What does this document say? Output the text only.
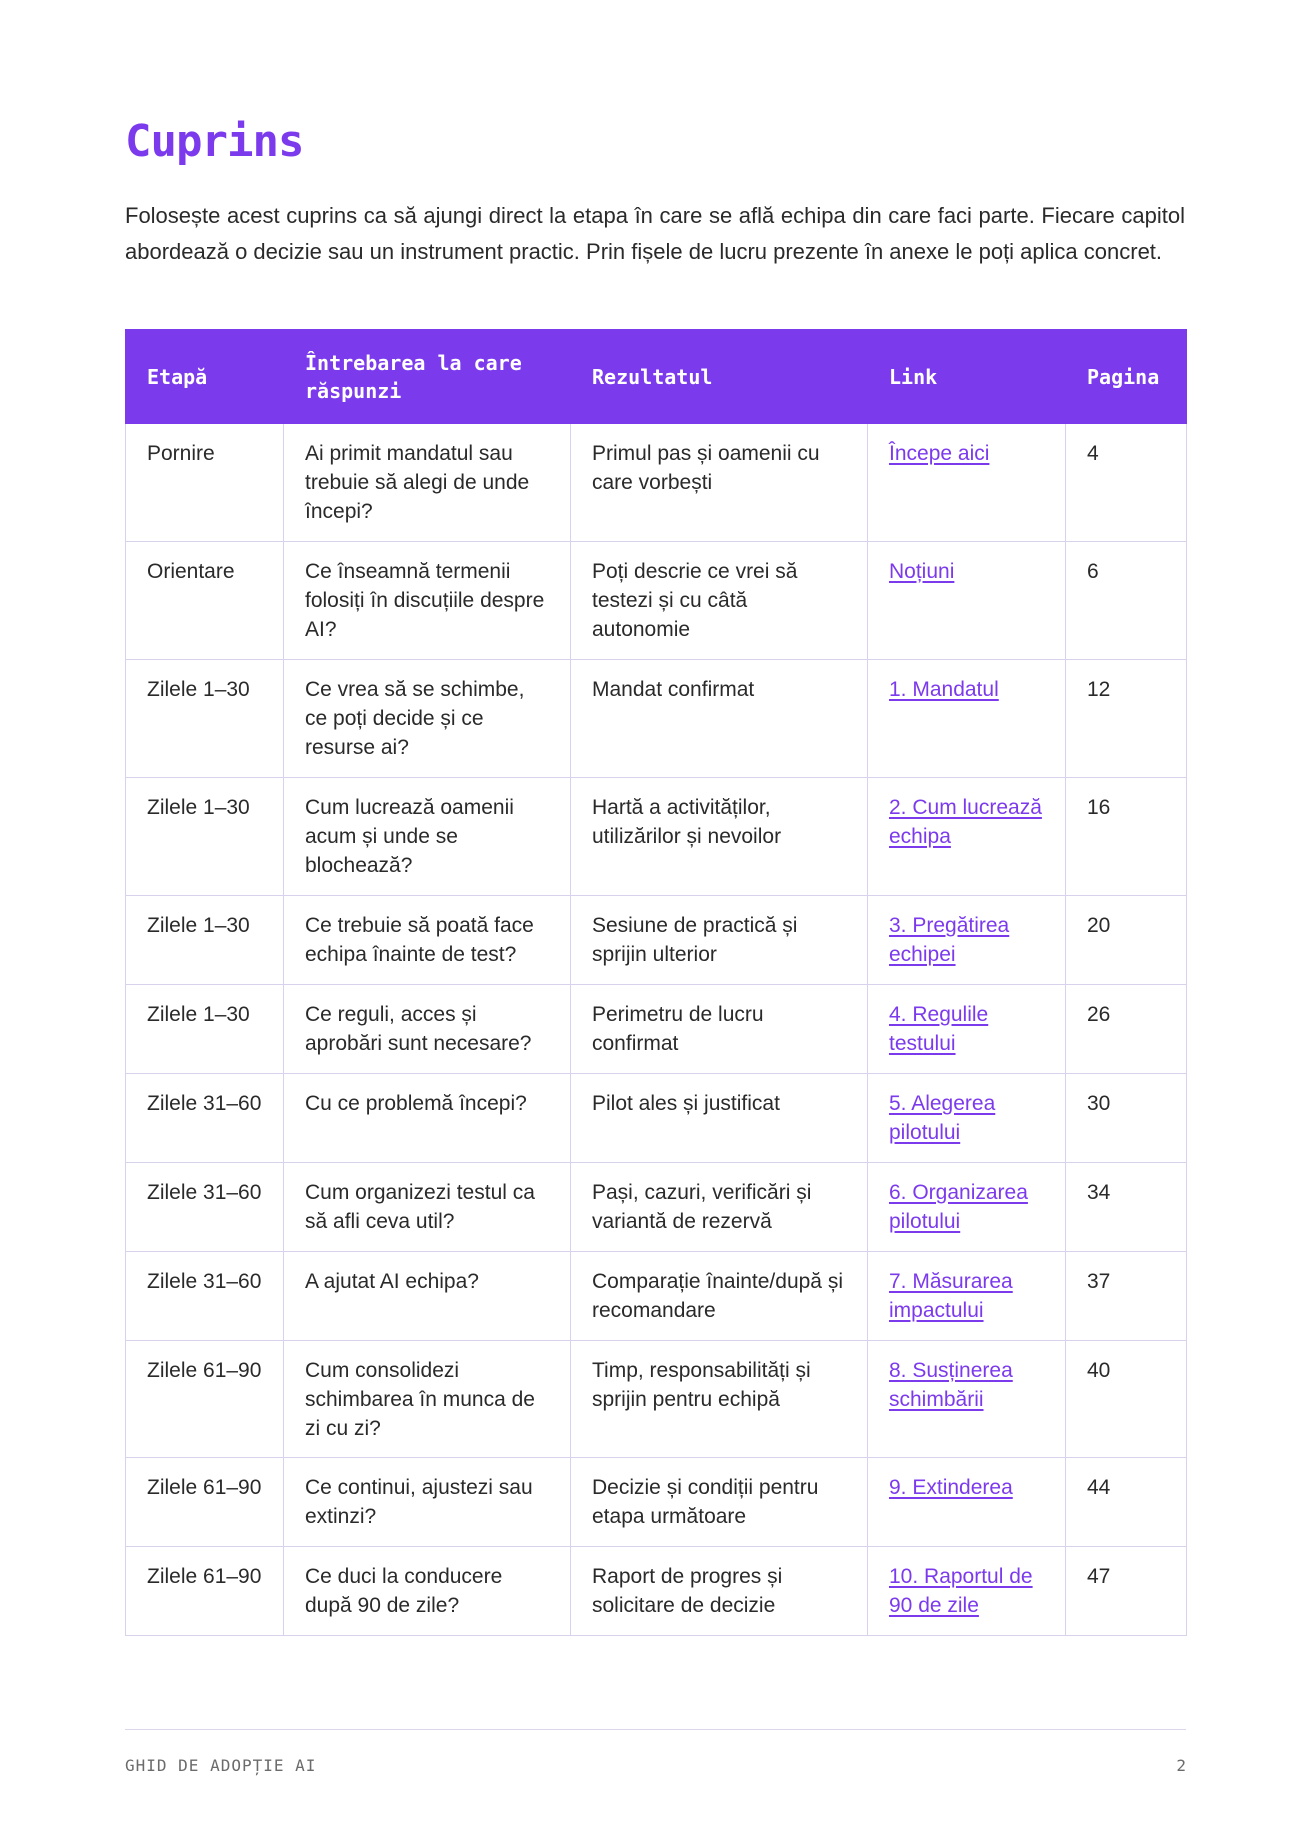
Cuprins

Folosește acest cuprins ca să ajungi direct la etapa în care se află echipa din care faci parte. Fiecare capitol abordează o decizie sau un instrument practic. Prin fișele de lucru prezente în anexe le poți aplica concret.

Etapă	Întrebarea la care răspunzi	Rezultatul	Link	Pagina
Pornire	Ai primit mandatul sau trebuie să alegi de unde începi?	Primul pas și oamenii cu care vorbești	Începe aici	4
Orientare	Ce înseamnă termenii folosiți în discuțiile despre AI?	Poți descrie ce vrei să testezi și cu câtă autonomie	Noțiuni	6
Zilele 1–30	Ce vrea să se schimbe, ce poți decide și ce resurse ai?	Mandat confirmat	1. Mandatul	12
Zilele 1–30	Cum lucrează oamenii acum și unde se blochează?	Hartă a activităților, utilizărilor și nevoilor	2. Cum lucrează echipa	16
Zilele 1–30	Ce trebuie să poată face echipa înainte de test?	Sesiune de practică și sprijin ulterior	3. Pregătirea echipei	20
Zilele 1–30	Ce reguli, acces și aprobări sunt necesare?	Perimetru de lucru confirmat	4. Regulile testului	26
Zilele 31–60	Cu ce problemă începi?	Pilot ales și justificat	5. Alegerea pilotului	30
Zilele 31–60	Cum organizezi testul ca să afli ceva util?	Pași, cazuri, verificări și variantă de rezervă	6. Organizarea pilotului	34
Zilele 31–60	A ajutat AI echipa?	Comparație înainte/după și recomandare	7. Măsurarea impactului	37
Zilele 61–90	Cum consolidezi schimbarea în munca de zi cu zi?	Timp, responsabilități și sprijin pentru echipă	8. Susținerea schimbării	40
Zilele 61–90	Ce continui, ajustezi sau extinzi?	Decizie și condiții pentru etapa următoare	9. Extinderea	44
Zilele 61–90	Ce duci la conducere după 90 de zile?	Raport de progres și solicitare de decizie	10. Raportul de 90 de zile	47
GHID DE ADOPȚIE AI	2
